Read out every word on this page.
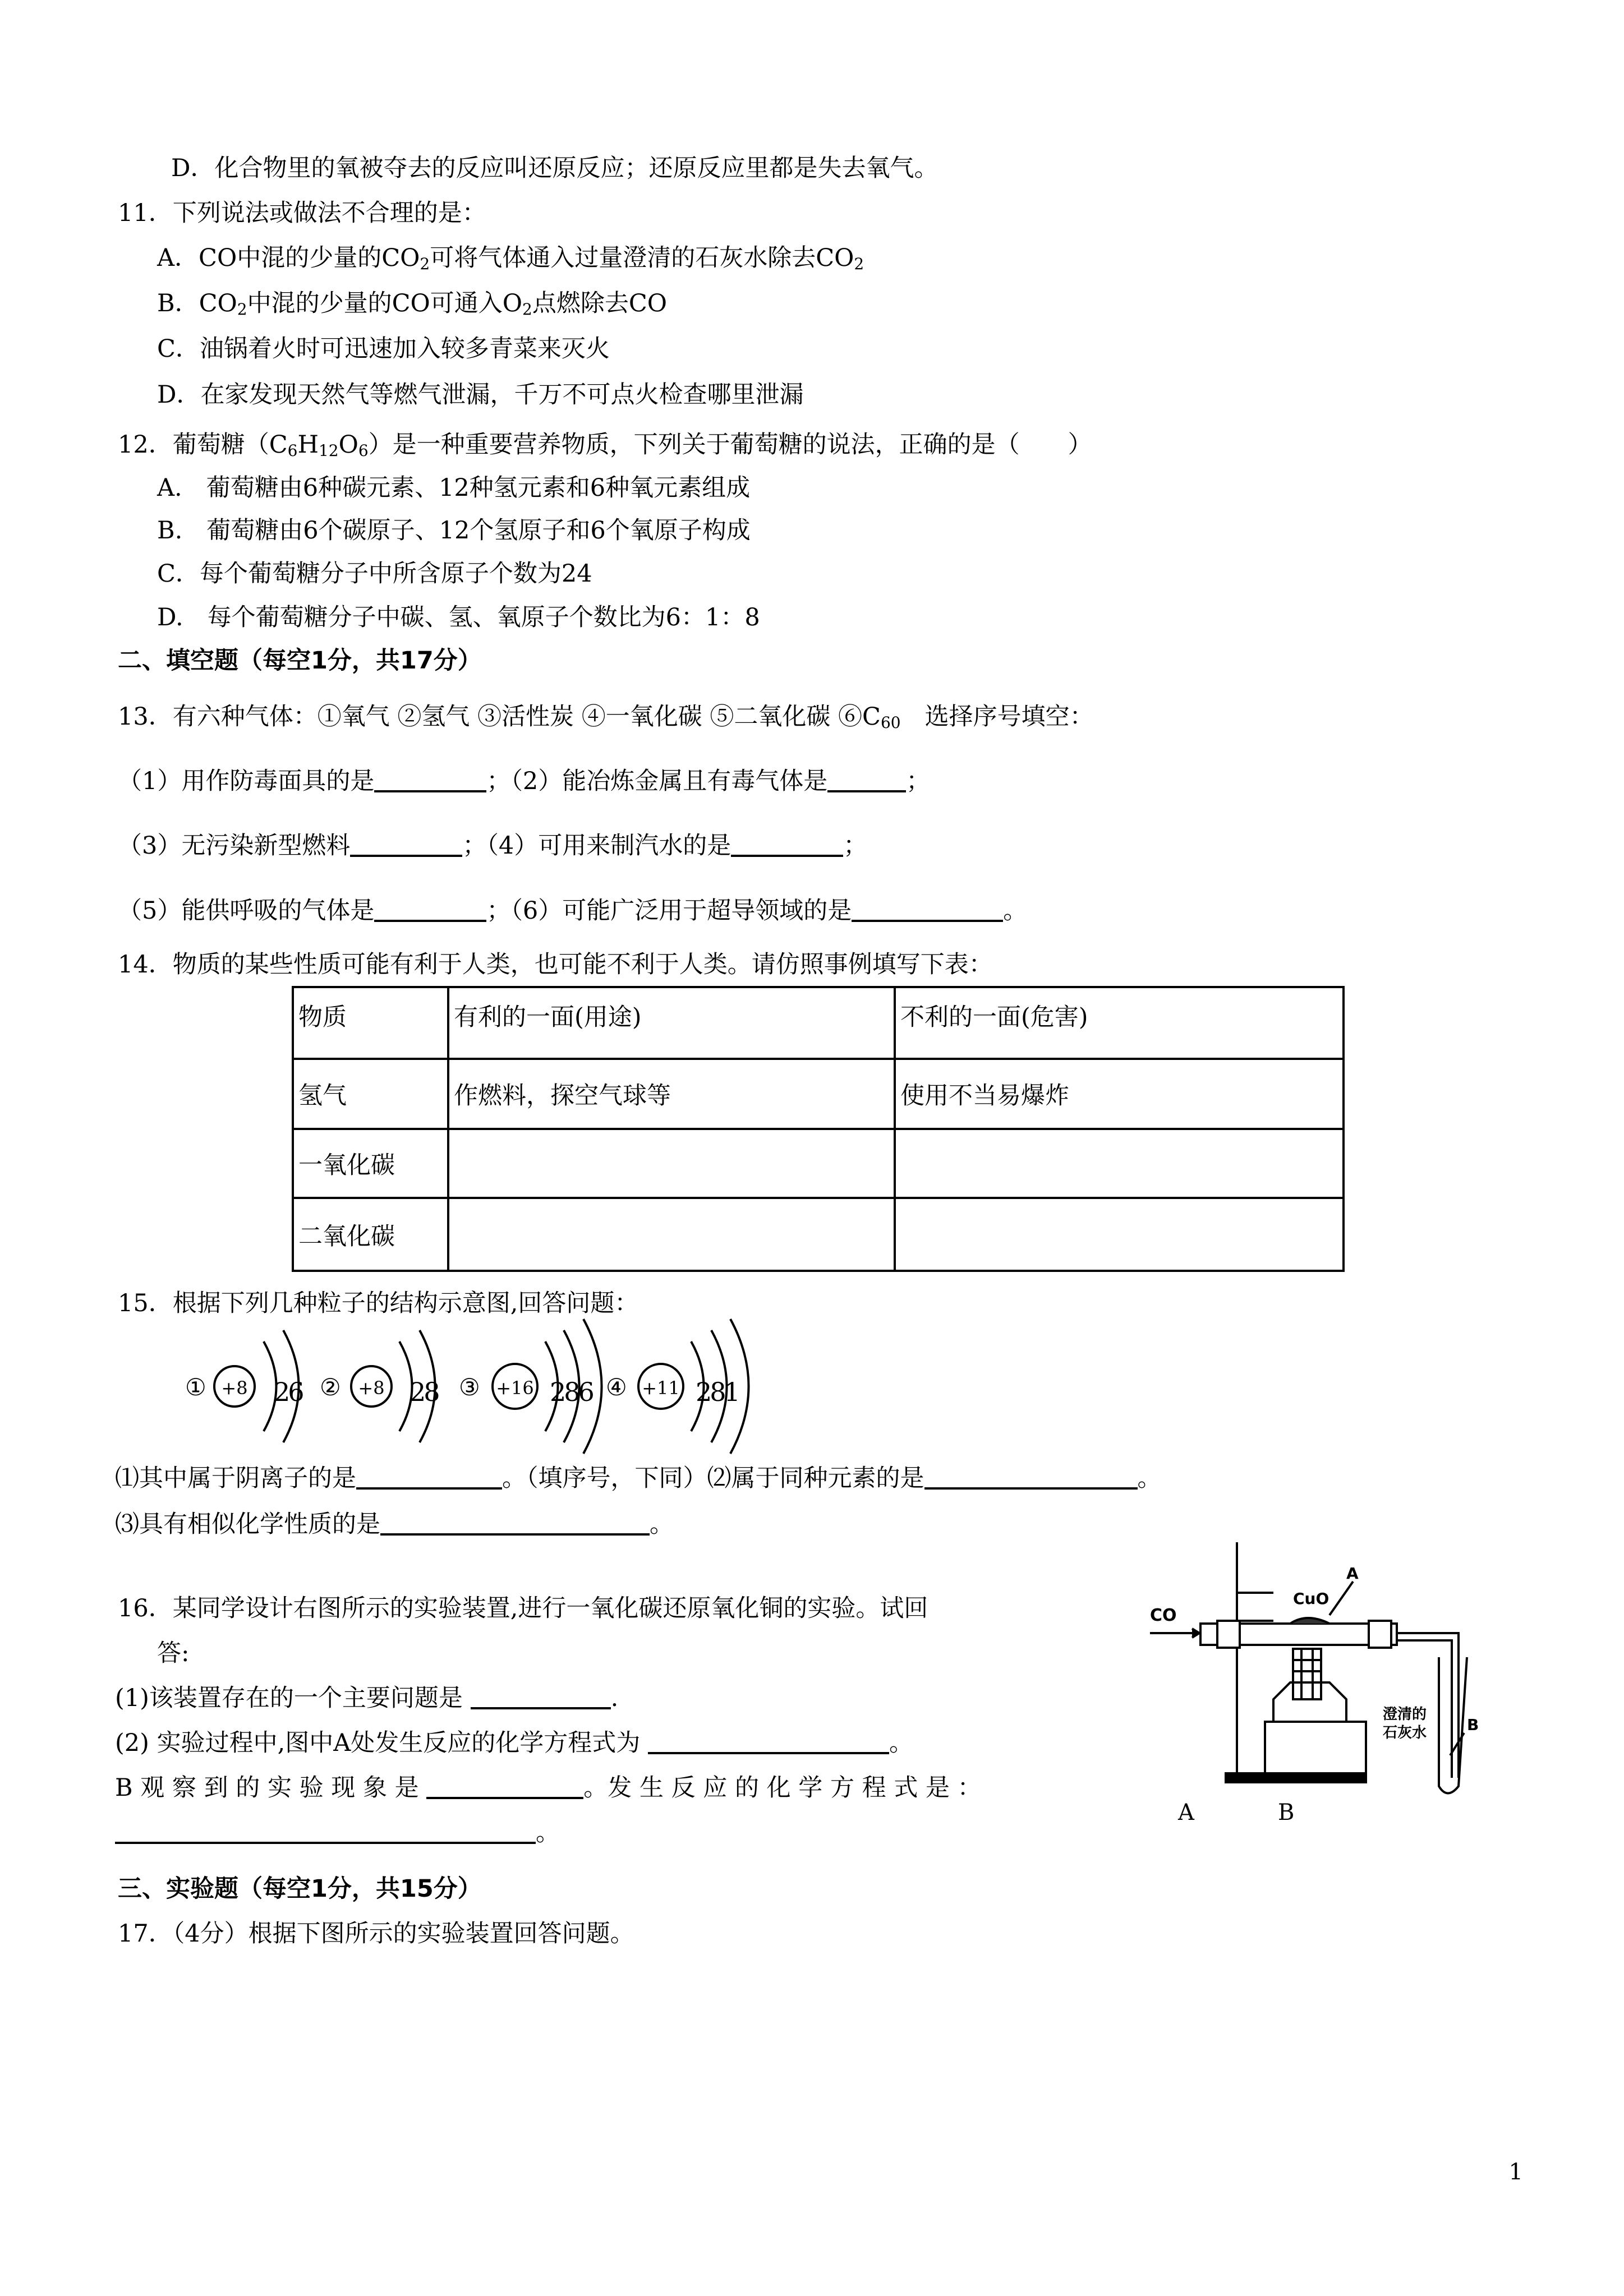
D．化合物里的氧被夺去的反应叫还原反应；还原反应里都是失去氧气。
11．下列说法或做法不合理的是：
A．CO中混的少量的$CO_2$可将气体通入过量澄清的石灰水除去$CO_2$
B．$CO_2$中混的少量的CO可通入$O_2$点燃除去CO
C．油锅着火时可迅速加入较多青菜来灭火
D．在家发现天然气等燃气泄漏，千万不可点火检查哪里泄漏
12．葡萄糖$(C_6H_{12}O_6)$是一种重要营养物质，下列关于葡萄糖的说法，正确的是（　　）
A.　葡萄糖由6种碳元素、12种氢元素和6种氧元素组成
B.　葡萄糖由6个碳原子、12个氢原子和6个氧原子构成
C．每个葡萄糖分子中所含原子个数为24
D.　每个葡萄糖分子中碳、氢、氧原子个数比为6：1：8
二、填空题（每空1分，共17分）
13．有六种气体：①氧气 ②氢气 ③活性炭 ④一氧化碳 ⑤二氧化碳 $⑥C_{60}$　选择序号填空：
（1）用作防毒面具的是	；（2）能冶炼金属且有毒气体是	；
（3）无污染新型燃料	；（4）可用来制汽水的是	；
（5）能供呼吸的气体是	；（6）可能广泛用于超导领域的是	。
14．物质的某些性质可能有利于人类，也可能不利于人类。请仿照事例填写下表：
物质	有利的一面(用途)	不利的一面(危害)
氢气	作燃料，探空气球等	使用不当易爆炸
一氧化碳		
二氧化碳		
15．根据下列几种粒子的结构示意图,回答问题：
① +8 26 ② +8 28 ③ +16 286 ④ +11 281
⑴其中属于阴离子的是	。（填序号，下同）⑵属于同种元素的是	。
⑶具有相似化学性质的是	。
16．某同学设计右图所示的实验装置,进行一氧化碳还原氧化铜的实验。试回
答:
(1)该装置存在的一个主要问题是	.
(2) 实验过程中,图中A处发生反应的化学方程式为	。
B 观 察 到 的 实 验 现 象 是	。发 生 反 应 的 化 学 方 程 式 是 ：
。
CO
CuO
A
B
澄清的
石灰水
A	B
三、实验题（每空1分，共15分）
17．（4分）根据下图所示的实验装置回答问题。
1
